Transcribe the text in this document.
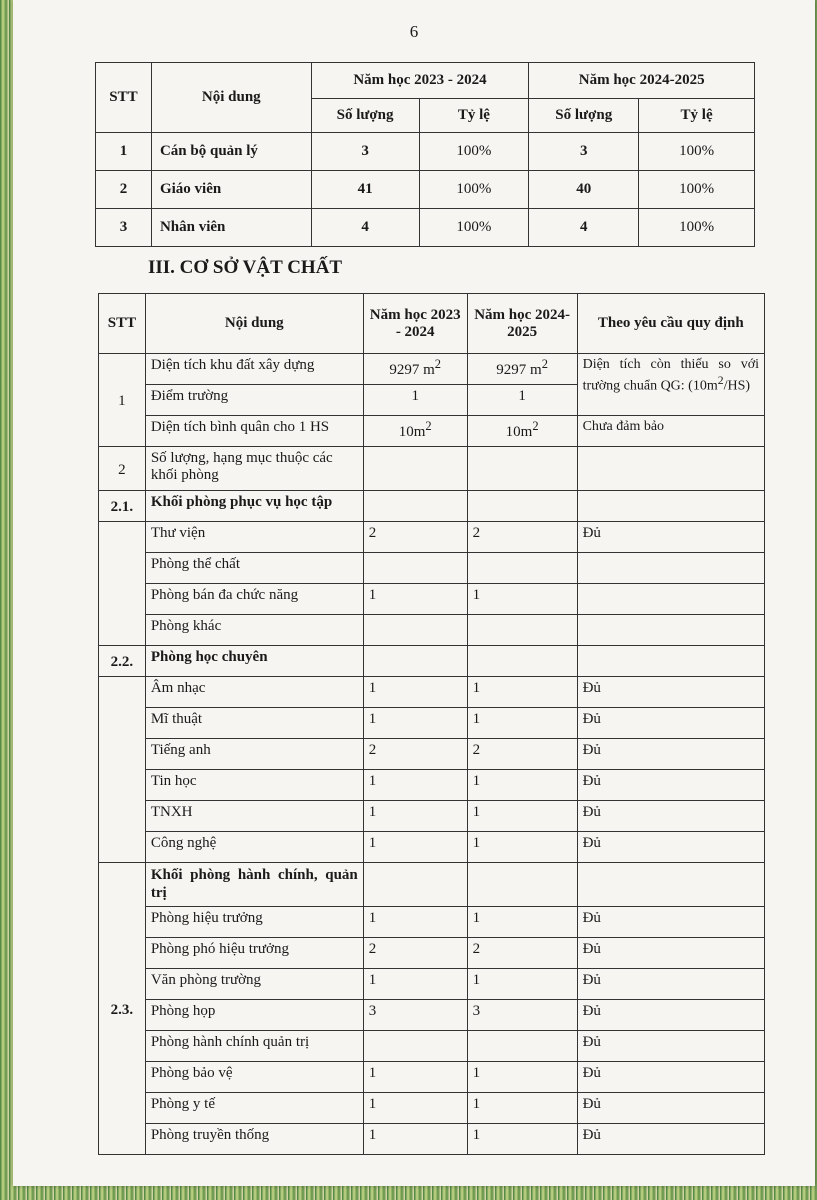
6
STT	Nội dung	Năm học 2023 - 2024		Năm học 2024-2025	
		Số lượng	Tỷ lệ	Số lượng	Tỷ lệ
1	Cán bộ quản lý	3	100%	3	100%
2	Giáo viên	41	100%	40	100%
3	Nhân viên	4	100%	4	100%
III. CƠ SỞ VẬT CHẤT
STT	Nội dung	Năm học 2023 - 2024	Năm học 2024-2025	Theo yêu cầu quy định
1	Diện tích khu đất xây dựng	9297 $m^2$	9297 $m^2$	Diện tích còn thiếu so với trường chuẩn QG: $(10m^2/HS)$
	Điểm trường	1	1	
	Diện tích bình quân cho 1 HS	$10m^2$	$10m^2$	Chưa đảm bảo
2	Số lượng, hạng mục thuộc các khối phòng			
2.1.	Khối phòng phục vụ học tập			
	Thư viện	2	2	Đủ
	Phòng thể chất			
	Phòng bán đa chức năng	1	1	
	Phòng khác			
2.2.	Phòng học chuyên			
	Âm nhạc	1	1	Đủ
	Mĩ thuật	1	1	Đủ
	Tiếng anh	2	2	Đủ
	Tin học	1	1	Đủ
	TNXH	1	1	Đủ
	Công nghệ	1	1	Đủ
2.3.	Khối phòng hành chính, quản trị			
	Phòng hiệu trưởng	1	1	Đủ
	Phòng phó hiệu trưởng	2	2	Đủ
	Văn phòng trường	1	1	Đủ
	Phòng họp	3	3	Đủ
	Phòng hành chính quản trị			Đủ
	Phòng bảo vệ	1	1	Đủ
	Phòng y tế	1	1	Đủ
	Phòng truyền thống	1	1	Đủ
